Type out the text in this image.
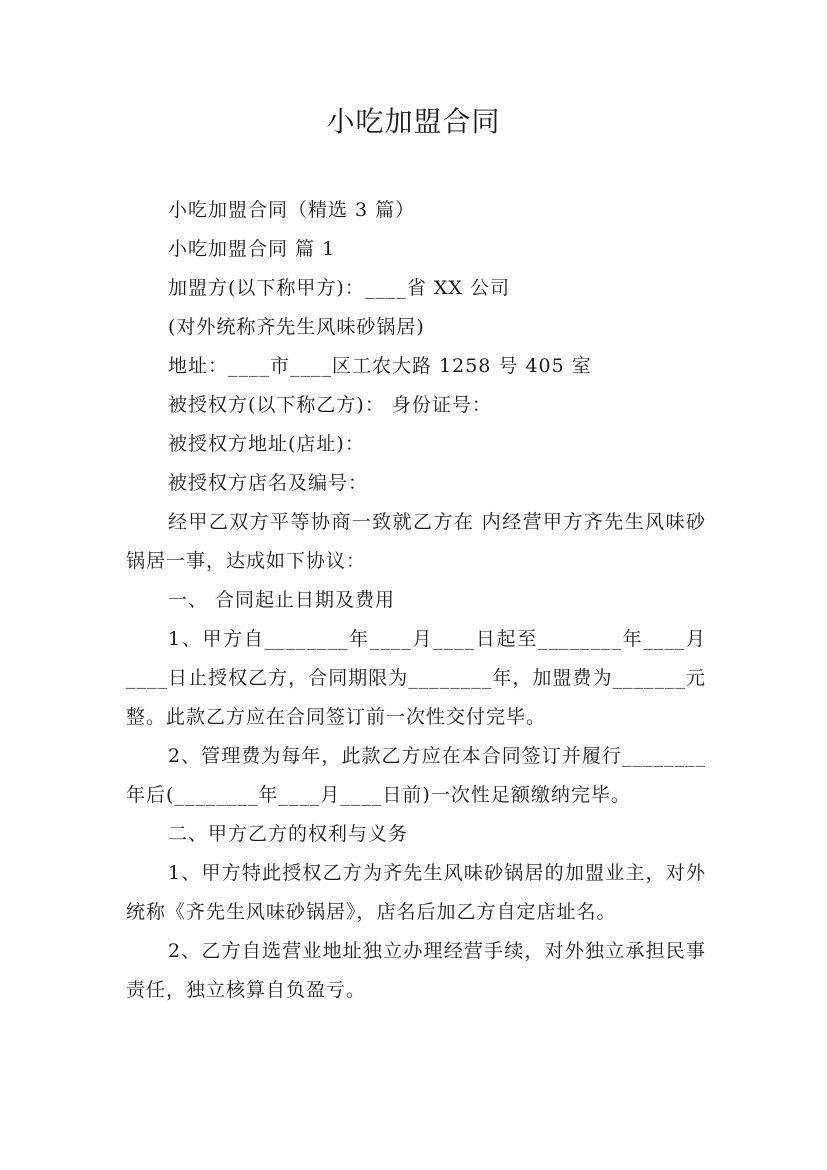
小吃加盟合同

小吃加盟合同（精选 3 篇）

小吃加盟合同 篇 1

加盟方(以下称甲方)：____省 XX 公司

(对外统称齐先生风味砂锅居)

地址：____市____区工农大路 1258 号 405 室

被授权方(以下称乙方)： 身份证号：

被授权方地址(店址)：

被授权方店名及编号：

经甲乙双方平等协商一致就乙方在 内经营甲方齐先生风味砂锅居一事，达成如下协议：

一、 合同起止日期及费用

1、甲方自________年____月____日起至________年____月____日止授权乙方，合同期限为________年，加盟费为_______元整。此款乙方应在合同签订前一次性交付完毕。

2、管理费为每年，此款乙方应在本合同签订并履行________年后(________年____月____日前)一次性足额缴纳完毕。

二、甲方乙方的权利与义务

1、甲方特此授权乙方为齐先生风味砂锅居的加盟业主，对外统称《齐先生风味砂锅居》，店名后加乙方自定店址名。

2、乙方自选营业地址独立办理经营手续，对外独立承担民事责任，独立核算自负盈亏。
